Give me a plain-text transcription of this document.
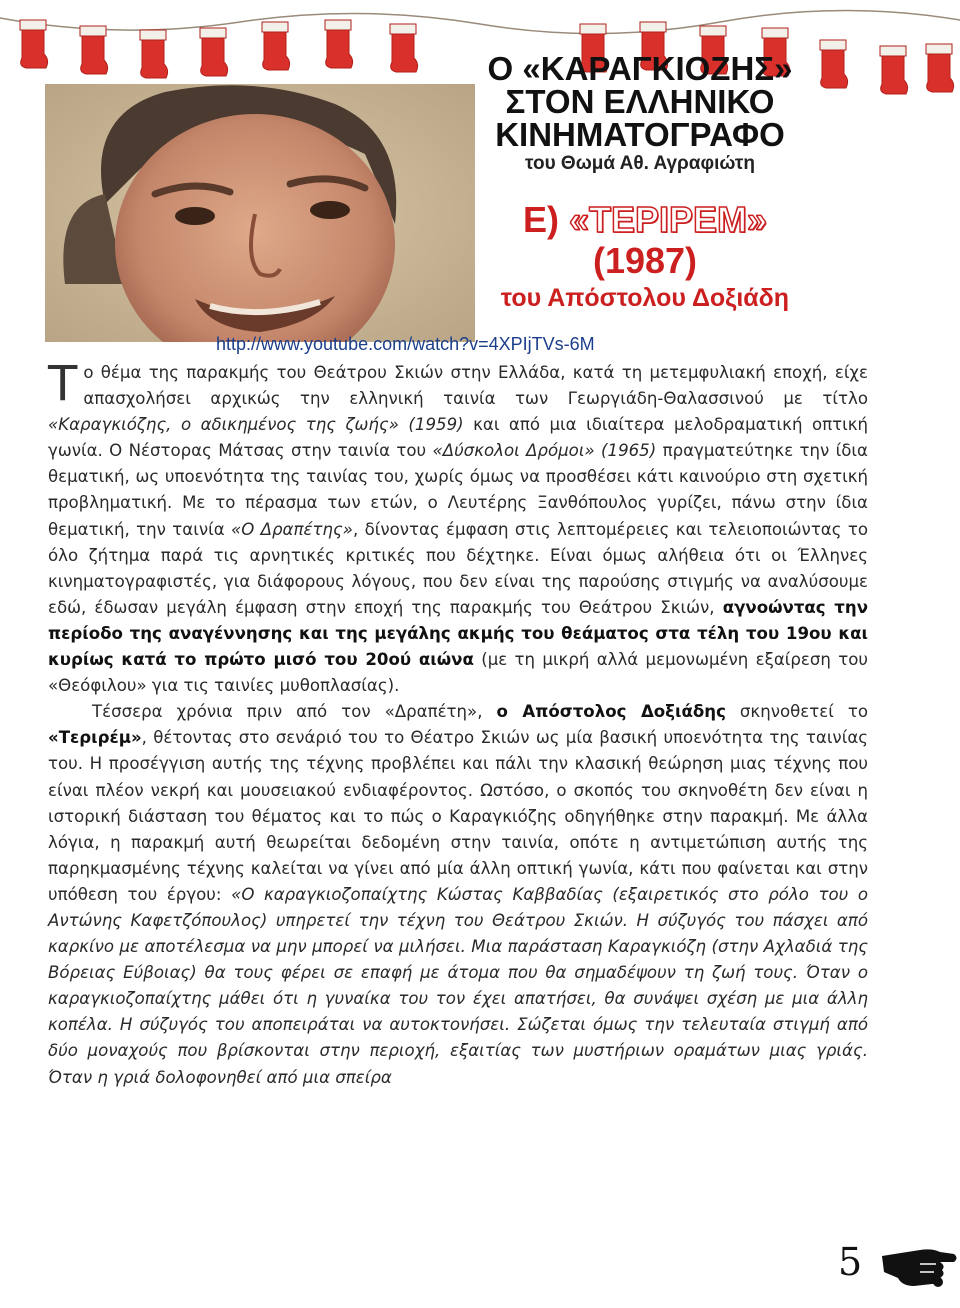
Ο «ΚΑΡΑΓΚΙΟΖΗΣ»
ΣΤΟΝ ΕΛΛΗΝΙΚΟ
ΚΙΝΗΜΑΤΟΓΡΑΦΟ
του Θωμά Αθ. Αγραφιώτη
Ε) «ΤΕΡΙΡΕΜ»
(1987)
του Απόστολου Δοξιάδη
http://www.youtube.com/watch?v=4XPIjTVs-6M

Το θέμα της παρακμής του Θεάτρου Σκιών στην Ελλάδα, κατά τη μετεμφυλιακή εποχή, είχε απασχολήσει αρχικώς την ελληνική ταινία των Γεωργιάδη-Θαλασσινού με τίτλο «Καραγκιόζης, ο αδικημένος της ζωής» (1959) και από μια ιδιαίτερα μελοδραματική οπτική γωνία. Ο Νέστορας Μάτσας στην ταινία του «Δύσκολοι Δρόμοι» (1965) πραγματεύτηκε την ίδια θεματική, ως υποενότητα της ταινίας του, χωρίς όμως να προσθέσει κάτι καινούριο στη σχετική προβληματική. Με το πέρασμα των ετών, ο Λευτέρης Ξανθόπουλος γυρίζει, πάνω στην ίδια θεματική, την ταινία «Ο Δραπέτης», δίνοντας έμφαση στις λεπτομέρειες και τελειοποιώντας το όλο ζήτημα παρά τις αρνητικές κριτικές που δέχτηκε. Είναι όμως αλήθεια ότι οι Έλληνες κινηματογραφιστές, για διάφορους λόγους, που δεν είναι της παρούσης στιγμής να αναλύσουμε εδώ, έδωσαν μεγάλη έμφαση στην εποχή της παρακμής του Θεάτρου Σκιών, αγνοώντας την περίοδο της αναγέννησης και της μεγάλης ακμής του θεάματος στα τέλη του 19ου και κυρίως κατά το πρώτο μισό του 20ού αιώνα (με τη μικρή αλλά μεμονωμένη εξαίρεση του «Θεόφιλου» για τις ταινίες μυθοπλασίας).

Τέσσερα χρόνια πριν από τον «Δραπέτη», ο Απόστολος Δοξιάδης σκηνοθετεί το «Τεριρέμ», θέτοντας στο σενάριό του το Θέατρο Σκιών ως μία βασική υποενότητα της ταινίας του. Η προσέγγιση αυτής της τέχνης προβλέπει και πάλι την κλασική θεώρηση μιας τέχνης που είναι πλέον νεκρή και μουσειακού ενδιαφέροντος. Ωστόσο, ο σκοπός του σκηνοθέτη δεν είναι η ιστορική διάσταση του θέματος και το πώς ο Καραγκιόζης οδηγήθηκε στην παρακμή. Με άλλα λόγια, η παρακμή αυτή θεωρείται δεδομένη στην ταινία, οπότε η αντιμετώπιση αυτής της παρηκμασμένης τέχνης καλείται να γίνει από μία άλλη οπτική γωνία, κάτι που φαίνεται και στην υπόθεση του έργου: «Ο καραγκιοζοπαίχτης Κώστας Καββαδίας (εξαιρετικός στο ρόλο του ο Αντώνης Καφετζόπουλος) υπηρετεί την τέχνη του Θεάτρου Σκιών. Η σύζυγός του πάσχει από καρκίνο με αποτέλεσμα να μην μπορεί να μιλήσει. Μια παράσταση Καραγκιόζη (στην Αχλαδιά της Βόρειας Εύβοιας) θα τους φέρει σε επαφή με άτομα που θα σημαδέψουν τη ζωή τους. Όταν ο καραγκιοζοπαίχτης μάθει ότι η γυναίκα του τον έχει απατήσει, θα συνάψει σχέση με μια άλλη κοπέλα. Η σύζυγός του αποπειράται να αυτοκτονήσει. Σώζεται όμως την τελευταία στιγμή από δύο μοναχούς που βρίσκονται στην περιοχή, εξαιτίας των μυστήριων οραμάτων μιας γριάς. Όταν η γριά δολοφονηθεί από μια σπείρα

5
